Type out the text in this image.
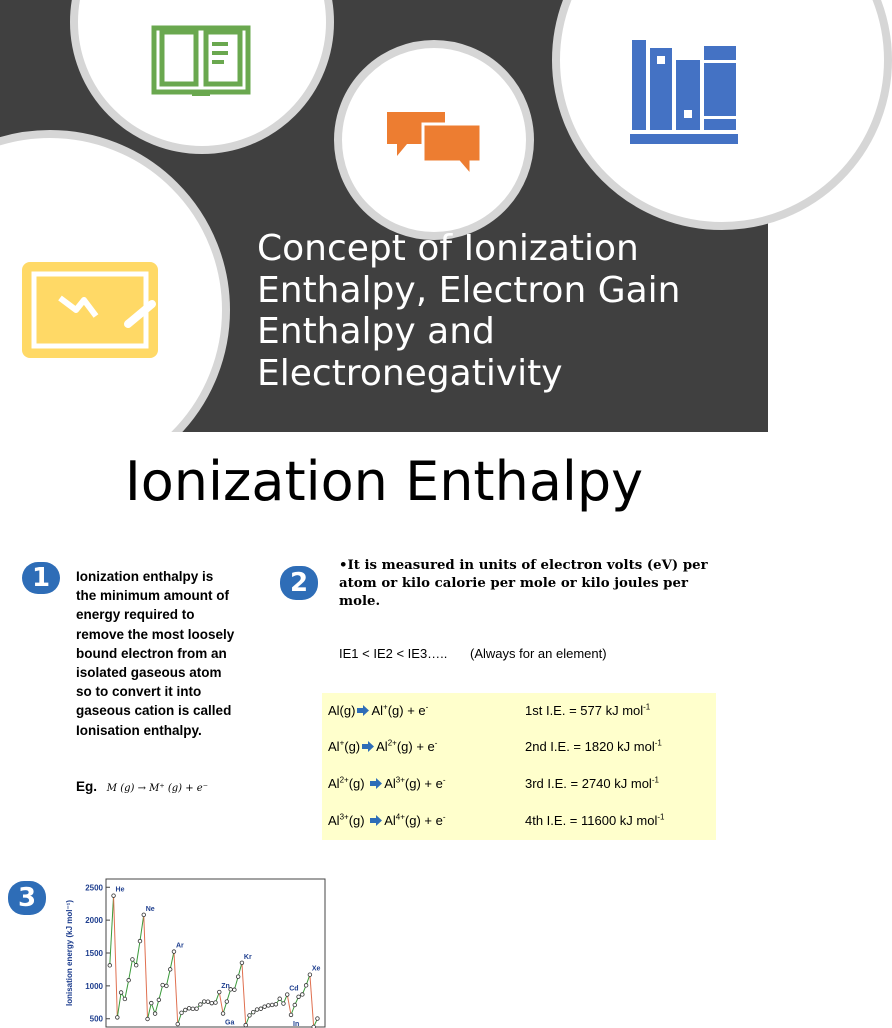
Concept of Ionization Enthalpy, Electron Gain Enthalpy and Electronegativity
Ionization Enthalpy
1	Ionization enthalpy is the minimum amount of energy required to remove the most loosely bound electron from an isolated gaseous atom so to convert it into gaseous cation is called Ionisation enthalpy.
Eg. M (g) → M⁺ (g) + e⁻
2
•It is measured in units of electron volts (eV) per atom or kilo calorie per mole or kilo joules per mole.
IE1 < IE2 < IE3….. (Always for an element)
Al(g) Al+(g) + e-	1st I.E. = 577 kJ mol$^{-1}$
Al+(g) $Al^{2+}(g) + e^-$	2nd I.E. = 1820 kJ mol$^{-1}$
$Al^{2+}(g) Al^{3+}(g) + e^-$	3rd I.E. = 2740 kJ mol$^{-1}$
$Al^{3+}(g) Al^{4+}(g) + e^-$	4th I.E. = 11600 kJ mol$^{-1}$
3
Ionisation energy (kJ mol⁻¹)
500
1000
1500
2000
2500 He
Ne
Ar
Zn
Ga
Kr
Cd
In
Xe
